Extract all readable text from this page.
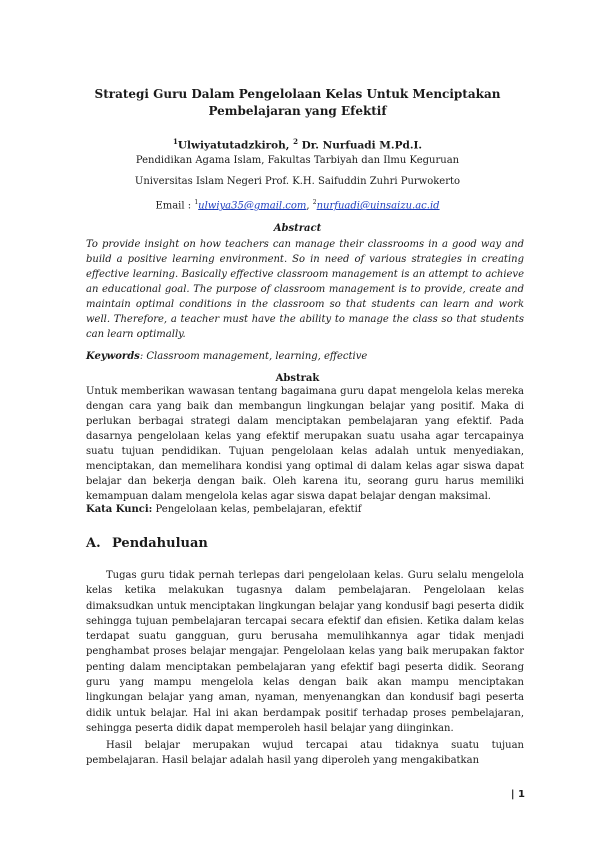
Strategi Guru Dalam Pengelolaan Kelas Untuk Menciptakan
Pembelajaran yang Efektif
$^1$Ulwiyatutadzkiroh, $^2$ Dr. Nurfuadi M.Pd.I.
Pendidikan Agama Islam, Fakultas Tarbiyah dan Ilmu Keguruan
Universitas Islam Negeri Prof. K.H. Saifuddin Zuhri Purwokerto
Email : $^1$ulwiya35@gmail.com, $^2$nurfuadi@uinsaizu.ac.id
Abstract

To provide insight on how teachers can manage their classrooms in a good way and build a positive learning environment. So in need of various strategies in creating effective learning. Basically effective classroom management is an attempt to achieve an educational goal. The purpose of classroom management is to provide, create and maintain optimal conditions in the classroom so that students can learn and work well. Therefore, a teacher must have the ability to manage the class so that students can learn optimally.

Keywords: Classroom management, learning, effective
Abstrak

Untuk memberikan wawasan tentang bagaimana guru dapat mengelola kelas mereka dengan cara yang baik dan membangun lingkungan belajar yang positif. Maka di perlukan berbagai strategi dalam menciptakan pembelajaran yang efektif. Pada dasarnya pengelolaan kelas yang efektif merupakan suatu usaha agar tercapainya suatu tujuan pendidikan. Tujuan pengelolaan kelas adalah untuk menyediakan, menciptakan, dan memelihara kondisi yang optimal di dalam kelas agar siswa dapat belajar dan bekerja dengan baik. Oleh karena itu, seorang guru harus memiliki kemampuan dalam mengelola kelas agar siswa dapat belajar dengan maksimal.

Kata Kunci: Pengelolaan kelas, pembelajaran, efektif
A. Pendahuluan

Tugas guru tidak pernah terlepas dari pengelolaan kelas. Guru selalu mengelola kelas ketika melakukan tugasnya dalam pembelajaran. Pengelolaan kelas dimaksudkan untuk menciptakan lingkungan belajar yang kondusif bagi peserta didik sehingga tujuan pembelajaran tercapai secara efektif dan efisien. Ketika dalam kelas terdapat suatu gangguan, guru berusaha memulihkannya agar tidak menjadi penghambat proses belajar mengajar. Pengelolaan kelas yang baik merupakan faktor penting dalam menciptakan pembelajaran yang efektif bagi peserta didik. Seorang guru yang mampu mengelola kelas dengan baik akan mampu menciptakan lingkungan belajar yang aman, nyaman, menyenangkan dan kondusif bagi peserta didik untuk belajar. Hal ini akan berdampak positif terhadap proses pembelajaran, sehingga peserta didik dapat memperoleh hasil belajar yang diinginkan.

Hasil belajar merupakan wujud tercapai atau tidaknya suatu tujuan pembelajaran. Hasil belajar adalah hasil yang diperoleh yang mengakibatkan

| 1
